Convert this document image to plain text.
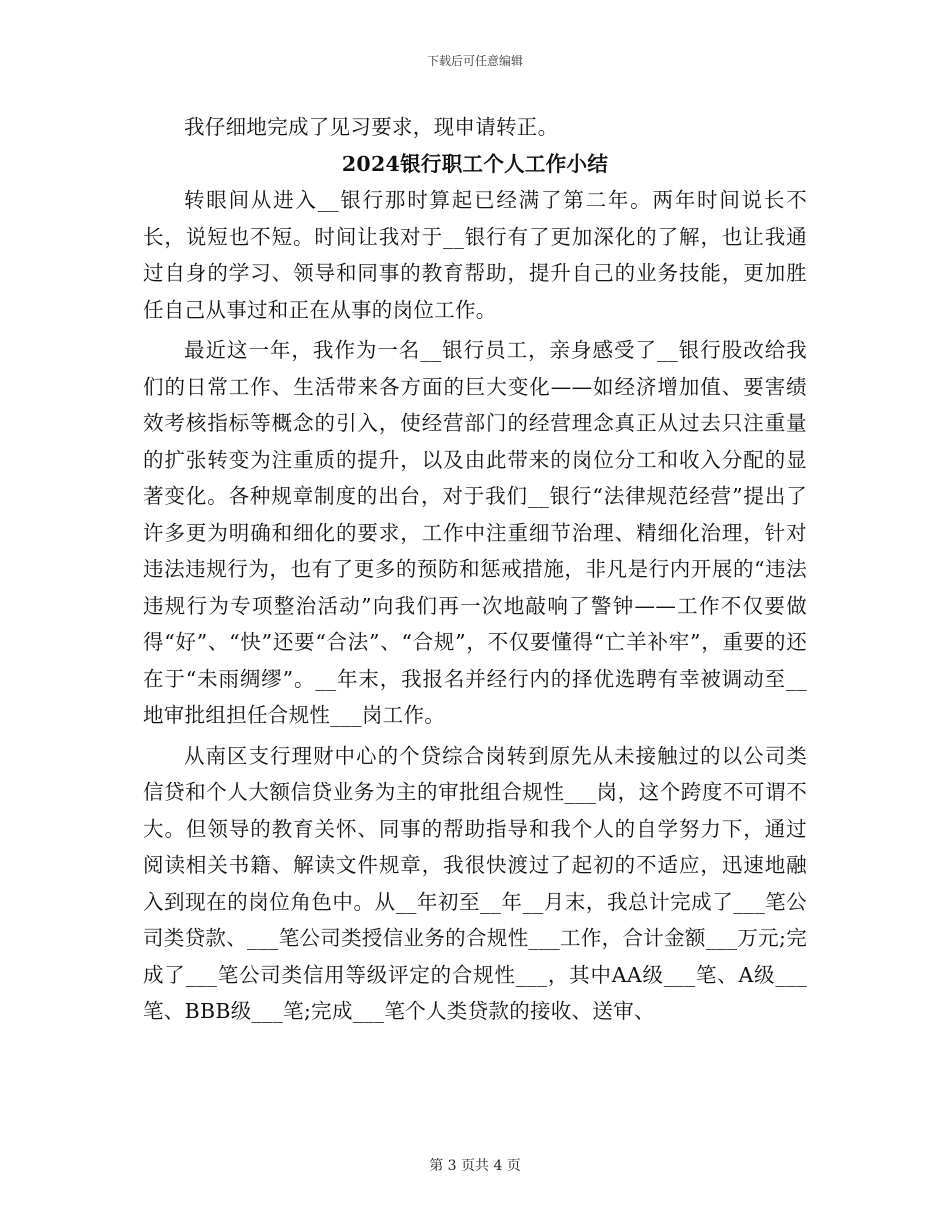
下载后可任意编辑

我仔细地完成了见习要求，现申请转正。

2024银行职工个人工作小结

转眼间从进入__银行那时算起已经满了第二年。两年时间说长不长，说短也不短。时间让我对于__银行有了更加深化的了解，也让我通过自身的学习、领导和同事的教育帮助，提升自己的业务技能，更加胜任自己从事过和正在从事的岗位工作。

最近这一年，我作为一名__银行员工，亲身感受了__银行股改给我们的日常工作、生活带来各方面的巨大变化——如经济增加值、要害绩效考核指标等概念的引入，使经营部门的经营理念真正从过去只注重量的扩张转变为注重质的提升，以及由此带来的岗位分工和收入分配的显著变化。各种规章制度的出台，对于我们__银行“法律规范经营”提出了许多更为明确和细化的要求，工作中注重细节治理、精细化治理，针对违法违规行为，也有了更多的预防和惩戒措施，非凡是行内开展的“违法违规行为专项整治活动”向我们再一次地敲响了警钟——工作不仅要做得“好”、“快”还要“合法”、“合规”，不仅要懂得“亡羊补牢”，重要的还在于“未雨绸缪”。__年末，我报名并经行内的择优选聘有幸被调动至__地审批组担任合规性___岗工作。

从南区支行理财中心的个贷综合岗转到原先从未接触过的以公司类信贷和个人大额信贷业务为主的审批组合规性___岗，这个跨度不可谓不大。但领导的教育关怀、同事的帮助指导和我个人的自学努力下，通过阅读相关书籍、解读文件规章，我很快渡过了起初的不适应，迅速地融入到现在的岗位角色中。从__年初至__年__月末，我总计完成了___笔公司类贷款、___笔公司类授信业务的合规性___工作，合计金额___万元;完成了___笔公司类信用等级评定的合规性___，其中AA级___笔、A级___笔、BBB级___笔;完成___笔个人类贷款的接收、送审、

第 3 页共 4 页
